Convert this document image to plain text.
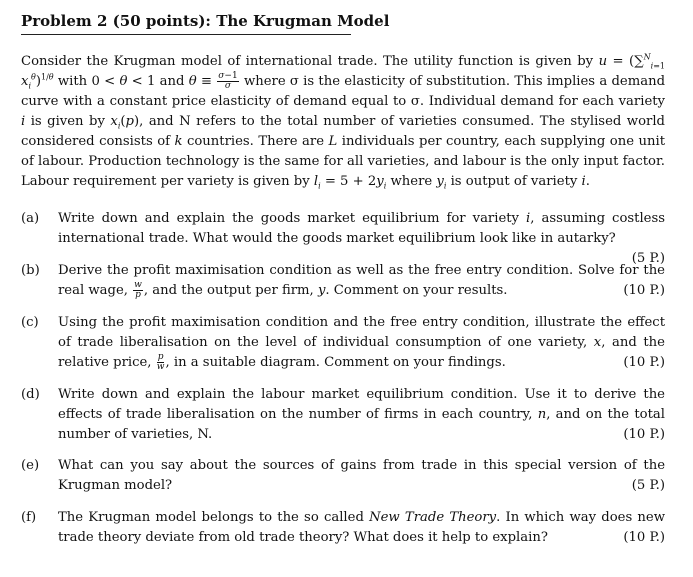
Problem 2 (50 points): The Krugman Model
Consider the Krugman model of international trade. The utility function is given by u = (∑$^N_{i=1}$ $x_i^\theta)^{1/\theta}$ with 0 < θ < 1 and $\theta \equiv \frac{\sigma-1}{\sigma}$ where σ is the elasticity of substitution. This implies a demand curve with a constant price elasticity of demand equal to σ. Individual demand for each variety i is given by $x_i(p)$, and N refers to the total number of varieties consumed. The stylised world considered consists of k countries. There are L individuals per country, each supplying one unit of labour. Production technology is the same for all varieties, and labour is the only input factor. Labour requirement per variety is given by $l_i = 5 + 2y_i$ where $y_i$ is output of variety i.
(a) Write down and explain the goods market equilibrium for variety i, assuming costless international trade. What would the goods market equilibrium look like in autarky?
(5 P.)
(b) Derive the profit maximisation condition as well as the free entry condition. Solve for the real wage, $\frac{w}{p}$ , and the output per firm, y. Comment on your results.	(10 P.)
(c) Using the profit maximisation condition and the free entry condition, illustrate the effect of trade liberalisation on the level of individual consumption of one variety, x, and the relative price, $\frac{p}{w}$ , in a suitable diagram. Comment on your findings.	(10 P.)
(d) Write down and explain the labour market equilibrium condition. Use it to derive the effects of trade liberalisation on the number of firms in each country, n, and on the total number of varieties, N.	(10 P.)
(e) What can you say about the sources of gains from trade in this special version of the Krugman model?	(5 P.)
(f) The Krugman model belongs to the so called New Trade Theory. In which way does new trade theory deviate from old trade theory? What does it help to explain?	(10 P.)
